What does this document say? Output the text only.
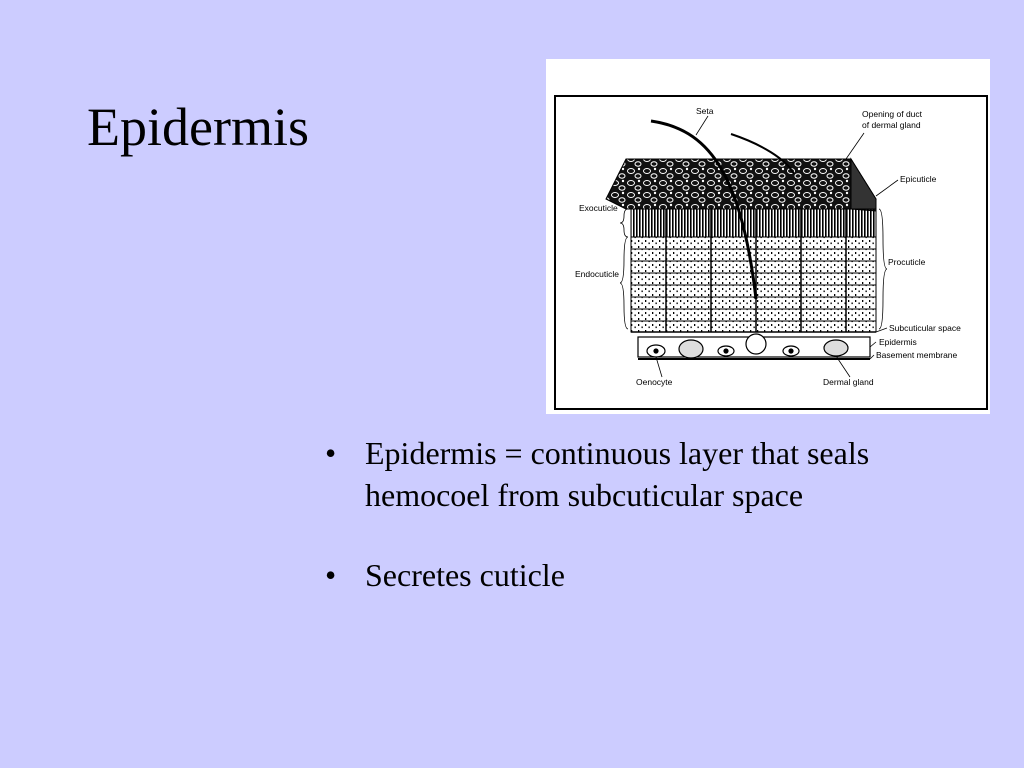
Epidermis	Seta	Opening of duct
of dermal gland
Epicuticle
Exocuticle
Procuticle
Endocuticle
Subcuticular space
Epidermis
Basement membrane
Oenocyte	Dermal gland
• Epidermis = continuous layer that seals hemocoel from subcuticular space
• Secretes cuticle
